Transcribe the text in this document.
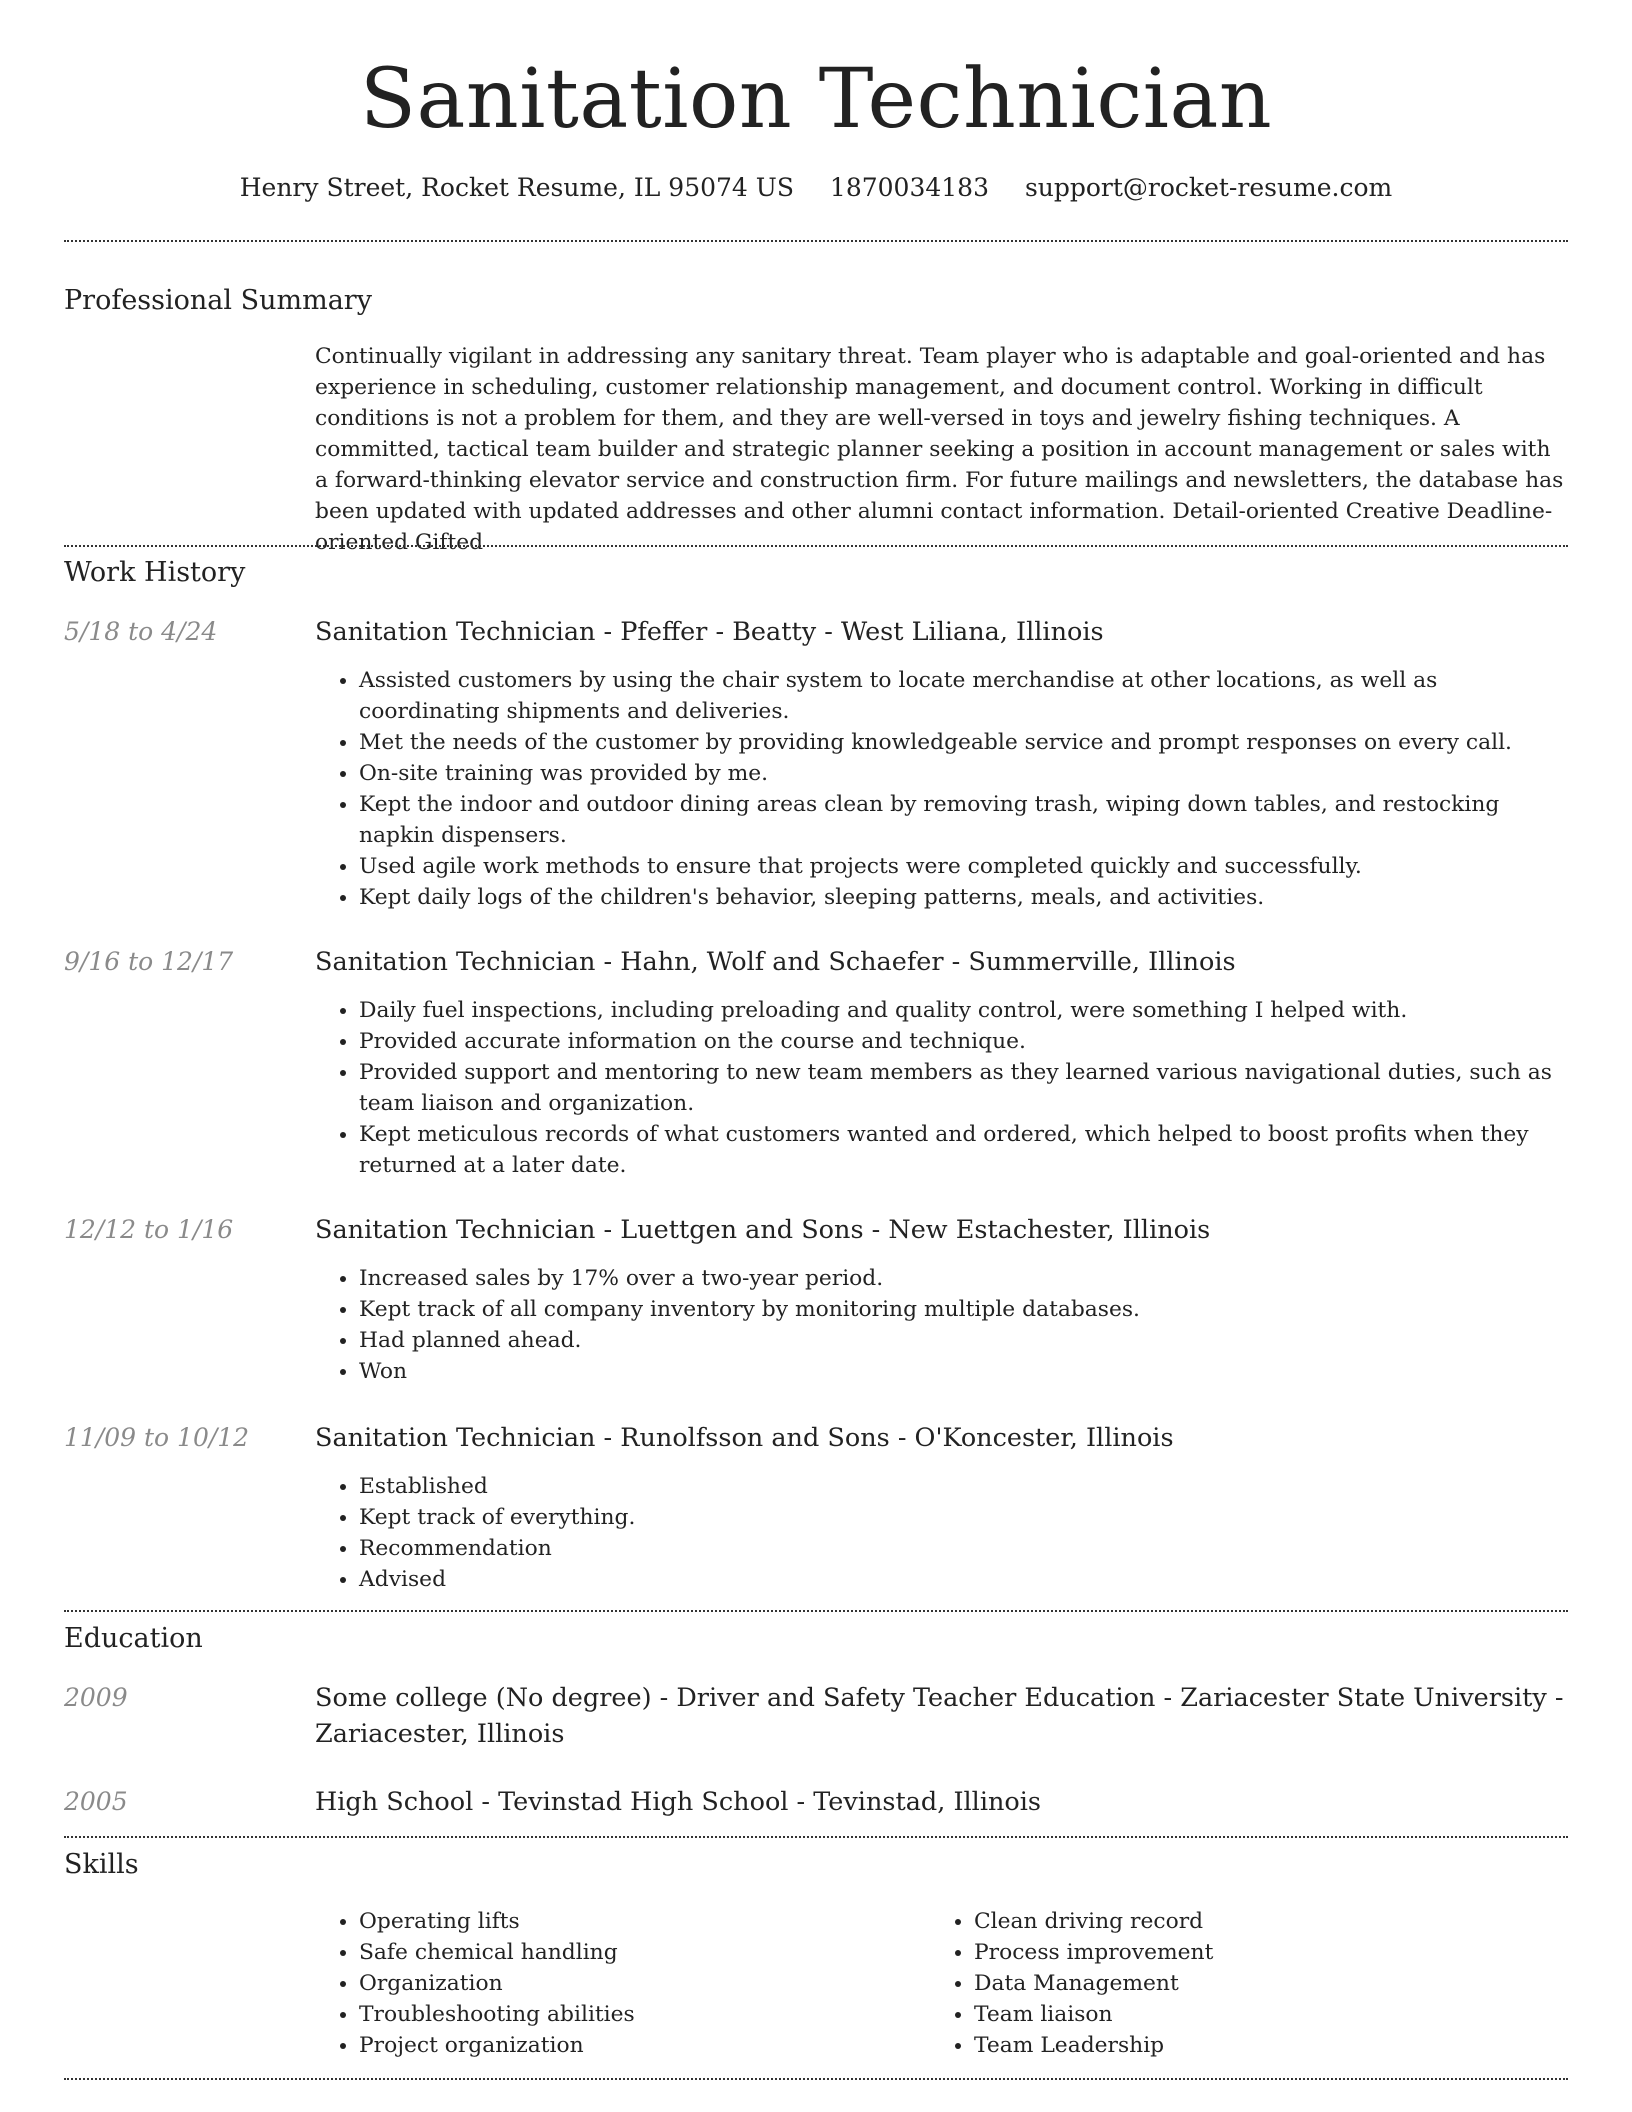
Sanitation Technician
Henry Street, Rocket Resume, IL 95074 US 1870034183 support@rocket-resume.com
Professional Summary

Continually vigilant in addressing any sanitary threat. Team player who is adaptable and goal-oriented and has experience in scheduling, customer relationship management, and document control. Working in difficult conditions is not a problem for them, and they are well-versed in toys and jewelry fishing techniques. A committed, tactical team builder and strategic planner seeking a position in account management or sales with a forward-thinking elevator service and construction firm. For future mailings and newsletters, the database has been updated with updated addresses and other alumni contact information. Detail-oriented Creative Deadline-oriented Gifted

Work History
5/18 to 4/24	Sanitation Technician - Pfeffer - Beatty - West Liliana, Illinois
• Assisted customers by using the chair system to locate merchandise at other locations, as well as coordinating shipments and deliveries.
• Met the needs of the customer by providing knowledgeable service and prompt responses on every call.
• On-site training was provided by me.
• Kept the indoor and outdoor dining areas clean by removing trash, wiping down tables, and restocking napkin dispensers.
• Used agile work methods to ensure that projects were completed quickly and successfully.
• Kept daily logs of the children's behavior, sleeping patterns, meals, and activities.
9/16 to 12/17	Sanitation Technician - Hahn, Wolf and Schaefer - Summerville, Illinois
• Daily fuel inspections, including preloading and quality control, were something I helped with.
• Provided accurate information on the course and technique.
• Provided support and mentoring to new team members as they learned various navigational duties, such as team liaison and organization.
• Kept meticulous records of what customers wanted and ordered, which helped to boost profits when they returned at a later date.
12/12 to 1/16	Sanitation Technician - Luettgen and Sons - New Estachester, Illinois
• Increased sales by 17% over a two-year period.
• Kept track of all company inventory by monitoring multiple databases.
• Had planned ahead.
• Won
11/09 to 10/12	Sanitation Technician - Runolfsson and Sons - O'Koncester, Illinois
• Established
• Kept track of everything.
• Recommendation
• Advised
Education
2009	Some college (No degree) - Driver and Safety Teacher Education - Zariacester State University - Zariacester, Illinois
2005	High School - Tevinstad High School - Tevinstad, Illinois
Skills
• Operating lifts
• Safe chemical handling
• Organization
• Troubleshooting abilities
• Project organization
• Clean driving record
• Process improvement
• Data Management
• Team liaison
• Team Leadership
